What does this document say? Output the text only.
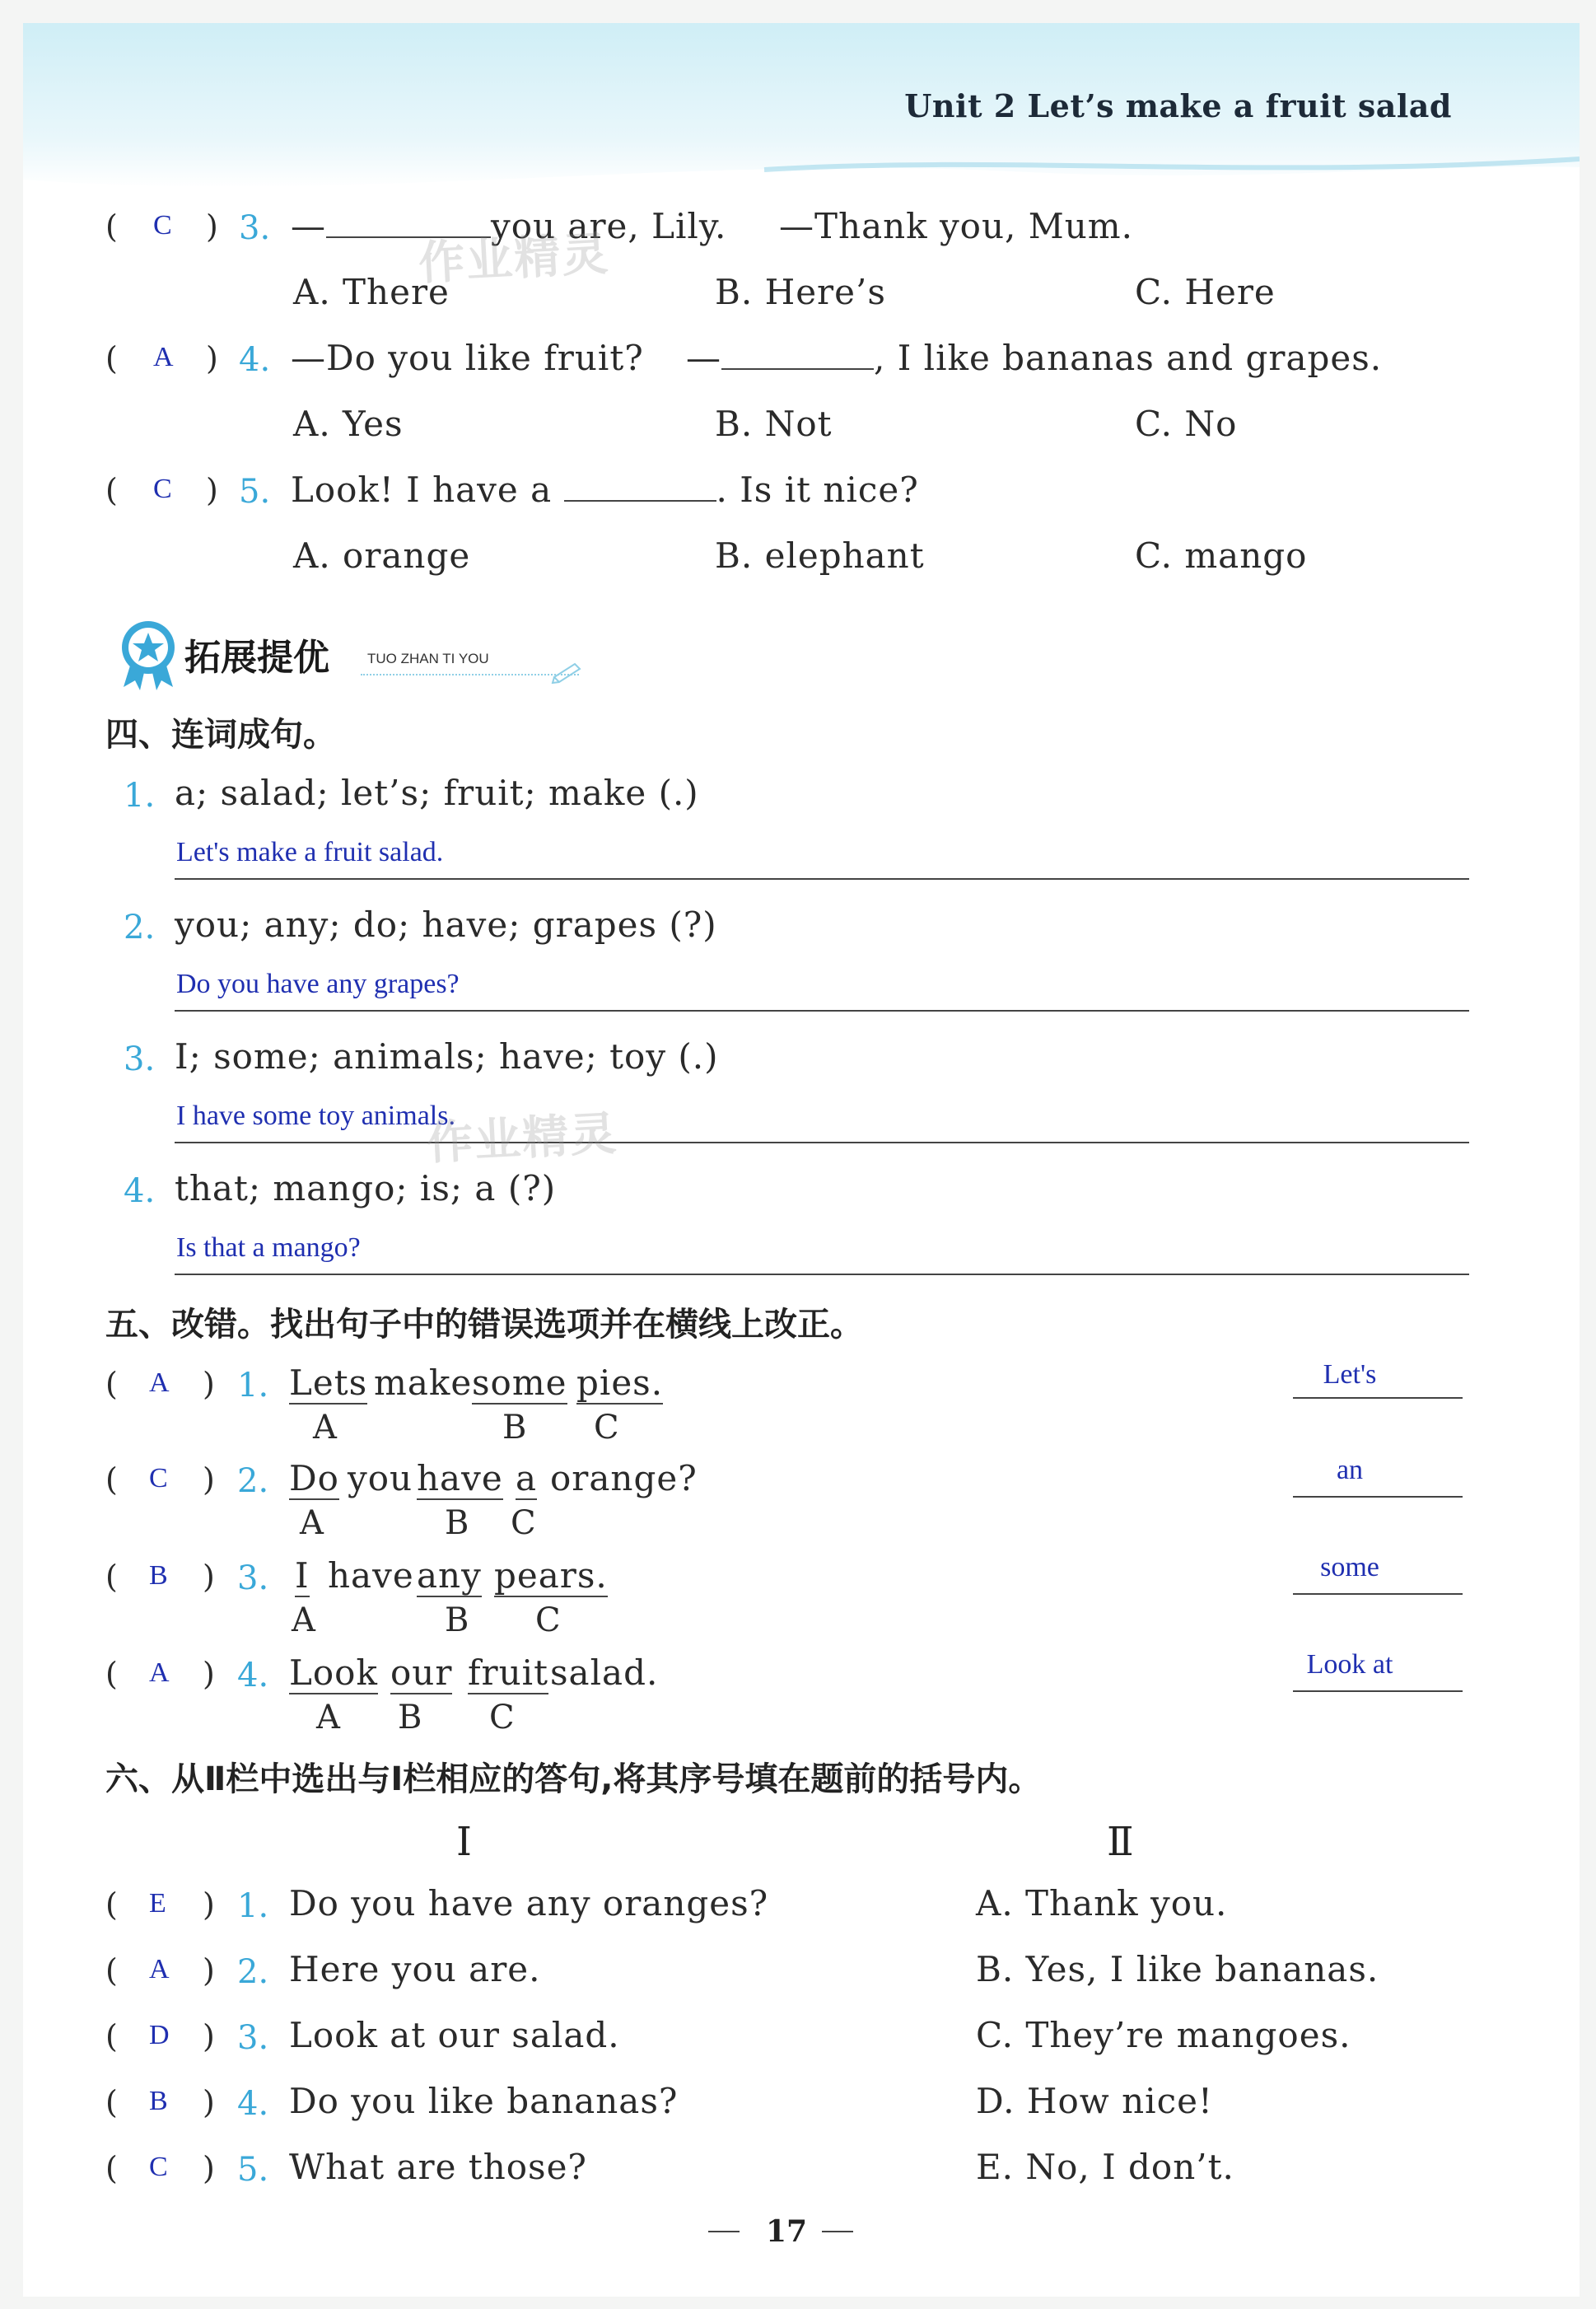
Unit 2 Let’s make a fruit salad
( C ) 3. —	you are, Lily. —Thank you, Mum.
A. There	B. Here’s	C. Here
( A ) 4. —Do you like fruit? —	, I like bananas and grapes.
A. Yes	B. Not	C. No
( C ) 5. Look! I have a	. Is it nice?
A. orange	B. elephant	C. mango
拓展提优	TUO ZHAN TI YOU
四、连词成句。
1. a; salad; let’s; fruit; make (.)
Let's make a fruit salad.
2. you; any; do; have; grapes (?)
Do you have any grapes?
3. I; some; animals; have; toy (.)
I have some toy animals.
4. that; mango; is; a (?)
Is that a mango?
五、改错。找出句子中的错误选项并在横线上改正。
( A ) 1. Lets make some pies.
A	B C
Let's
( C ) 2. Do you have a orange?
A	B C
an
( B ) 3. I have any pears.
A	B C
some
( A ) 4. Look our fruit salad.
A B C
Look at
六、从Ⅱ栏中选出与Ⅰ栏相应的答句,将其序号填在题前的括号内。
Ⅰ	Ⅱ
( E ) 1. Do you have any oranges?	A. Thank you.
( A ) 2. Here you are.	B. Yes, I like bananas.
( D ) 3. Look at our salad.	C. They’re mangoes.
( B ) 4. Do you like bananas?	D. How nice!
( C ) 5. What are those?	E. No, I don’t.
17
作业精灵
作业精灵
